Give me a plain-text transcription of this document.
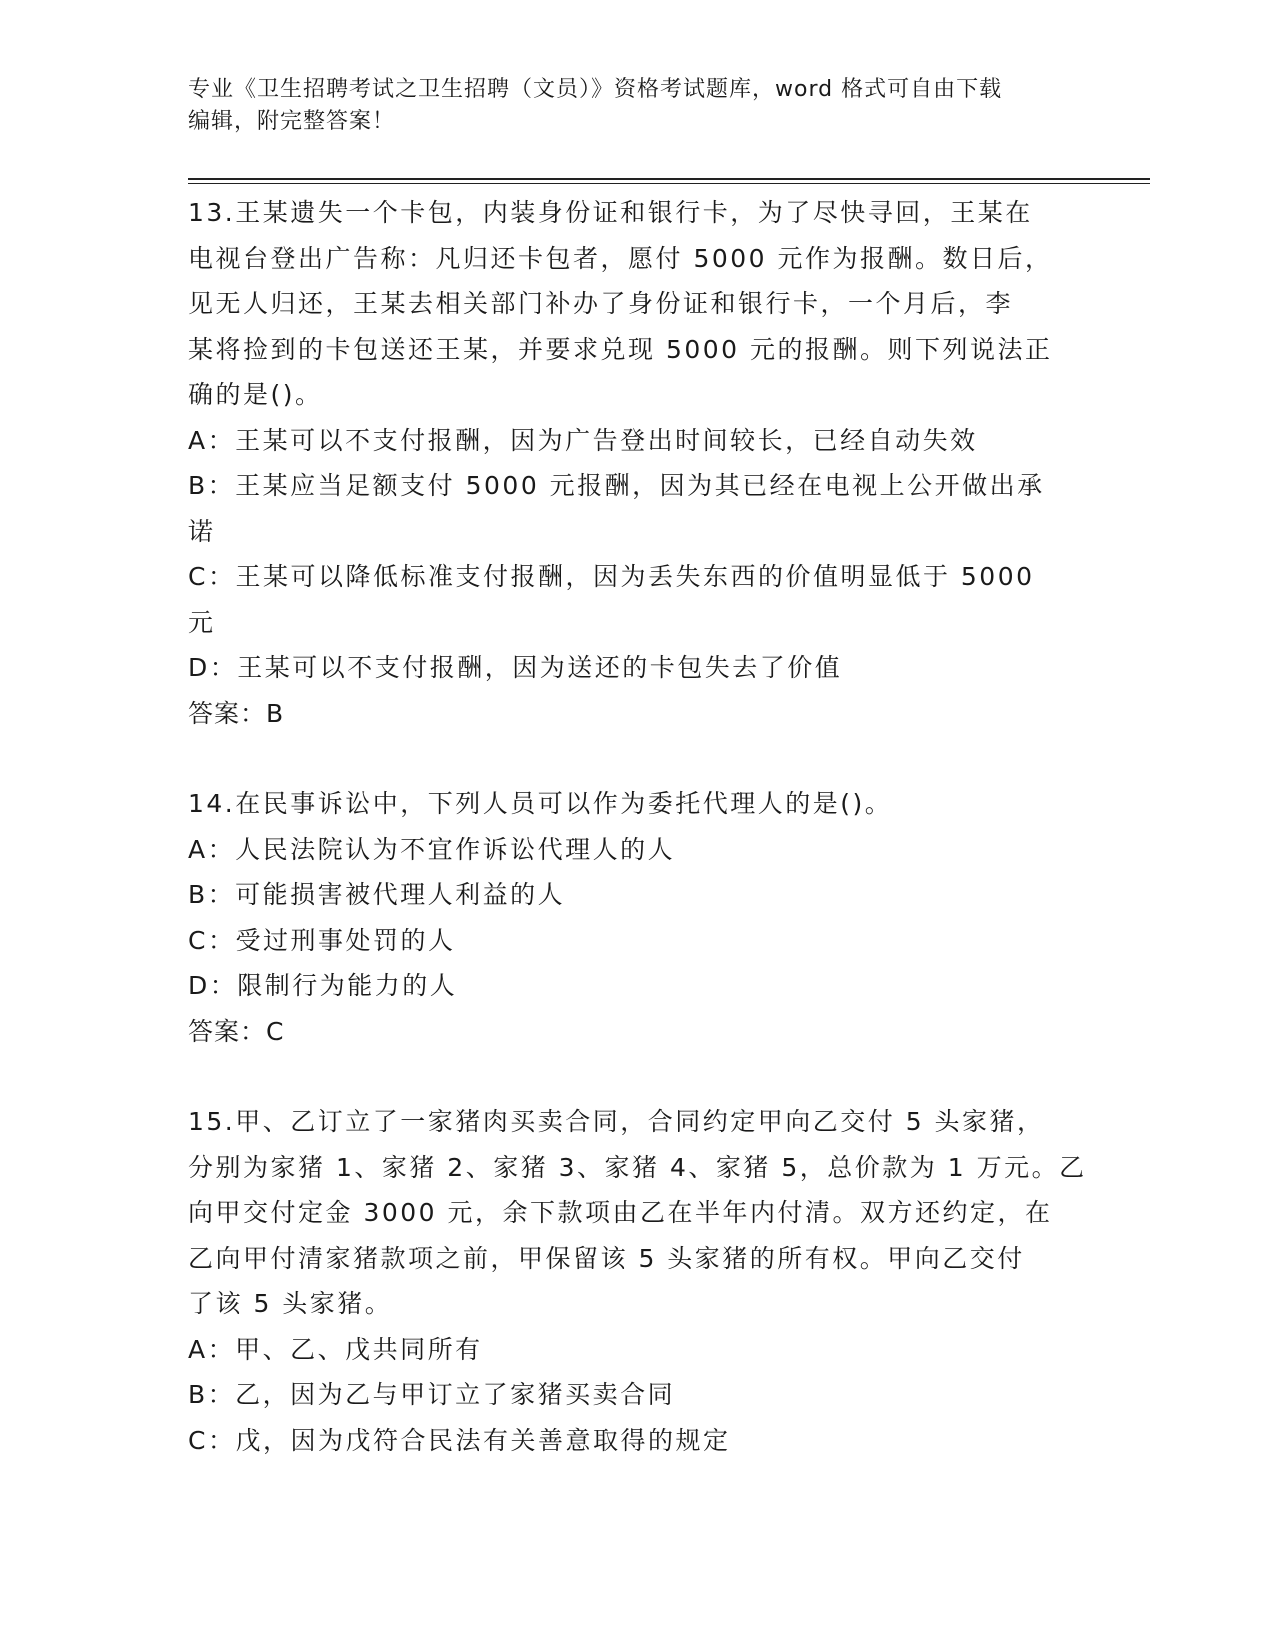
专业《卫生招聘考试之卫生招聘（文员）》资格考试题库，word 格式可自由下载
编辑，附完整答案！
13.王某遗失一个卡包，内装身份证和银行卡，为了尽快寻回，王某在
电视台登出广告称：凡归还卡包者，愿付 5000 元作为报酬。数日后，
见无人归还，王某去相关部门补办了身份证和银行卡，一个月后，李
某将捡到的卡包送还王某，并要求兑现 5000 元的报酬。则下列说法正
确的是()。
A：王某可以不支付报酬，因为广告登出时间较长，已经自动失效
B：王某应当足额支付 5000 元报酬，因为其已经在电视上公开做出承
诺
C：王某可以降低标准支付报酬，因为丢失东西的价值明显低于 5000
元
D：王某可以不支付报酬，因为送还的卡包失去了价值
答案：B
14.在民事诉讼中，下列人员可以作为委托代理人的是()。
A：人民法院认为不宜作诉讼代理人的人
B：可能损害被代理人利益的人
C：受过刑事处罚的人
D：限制行为能力的人
答案：C
15.甲、乙订立了一家猪肉买卖合同，合同约定甲向乙交付 5 头家猪，
分别为家猪 1、家猪 2、家猪 3、家猪 4、家猪 5，总价款为 1 万元。乙
向甲交付定金 3000 元，余下款项由乙在半年内付清。双方还约定，在
乙向甲付清家猪款项之前，甲保留该 5 头家猪的所有权。甲向乙交付
了该 5 头家猪。
A：甲、乙、戊共同所有
B：乙，因为乙与甲订立了家猪买卖合同
C：戊，因为戊符合民法有关善意取得的规定
